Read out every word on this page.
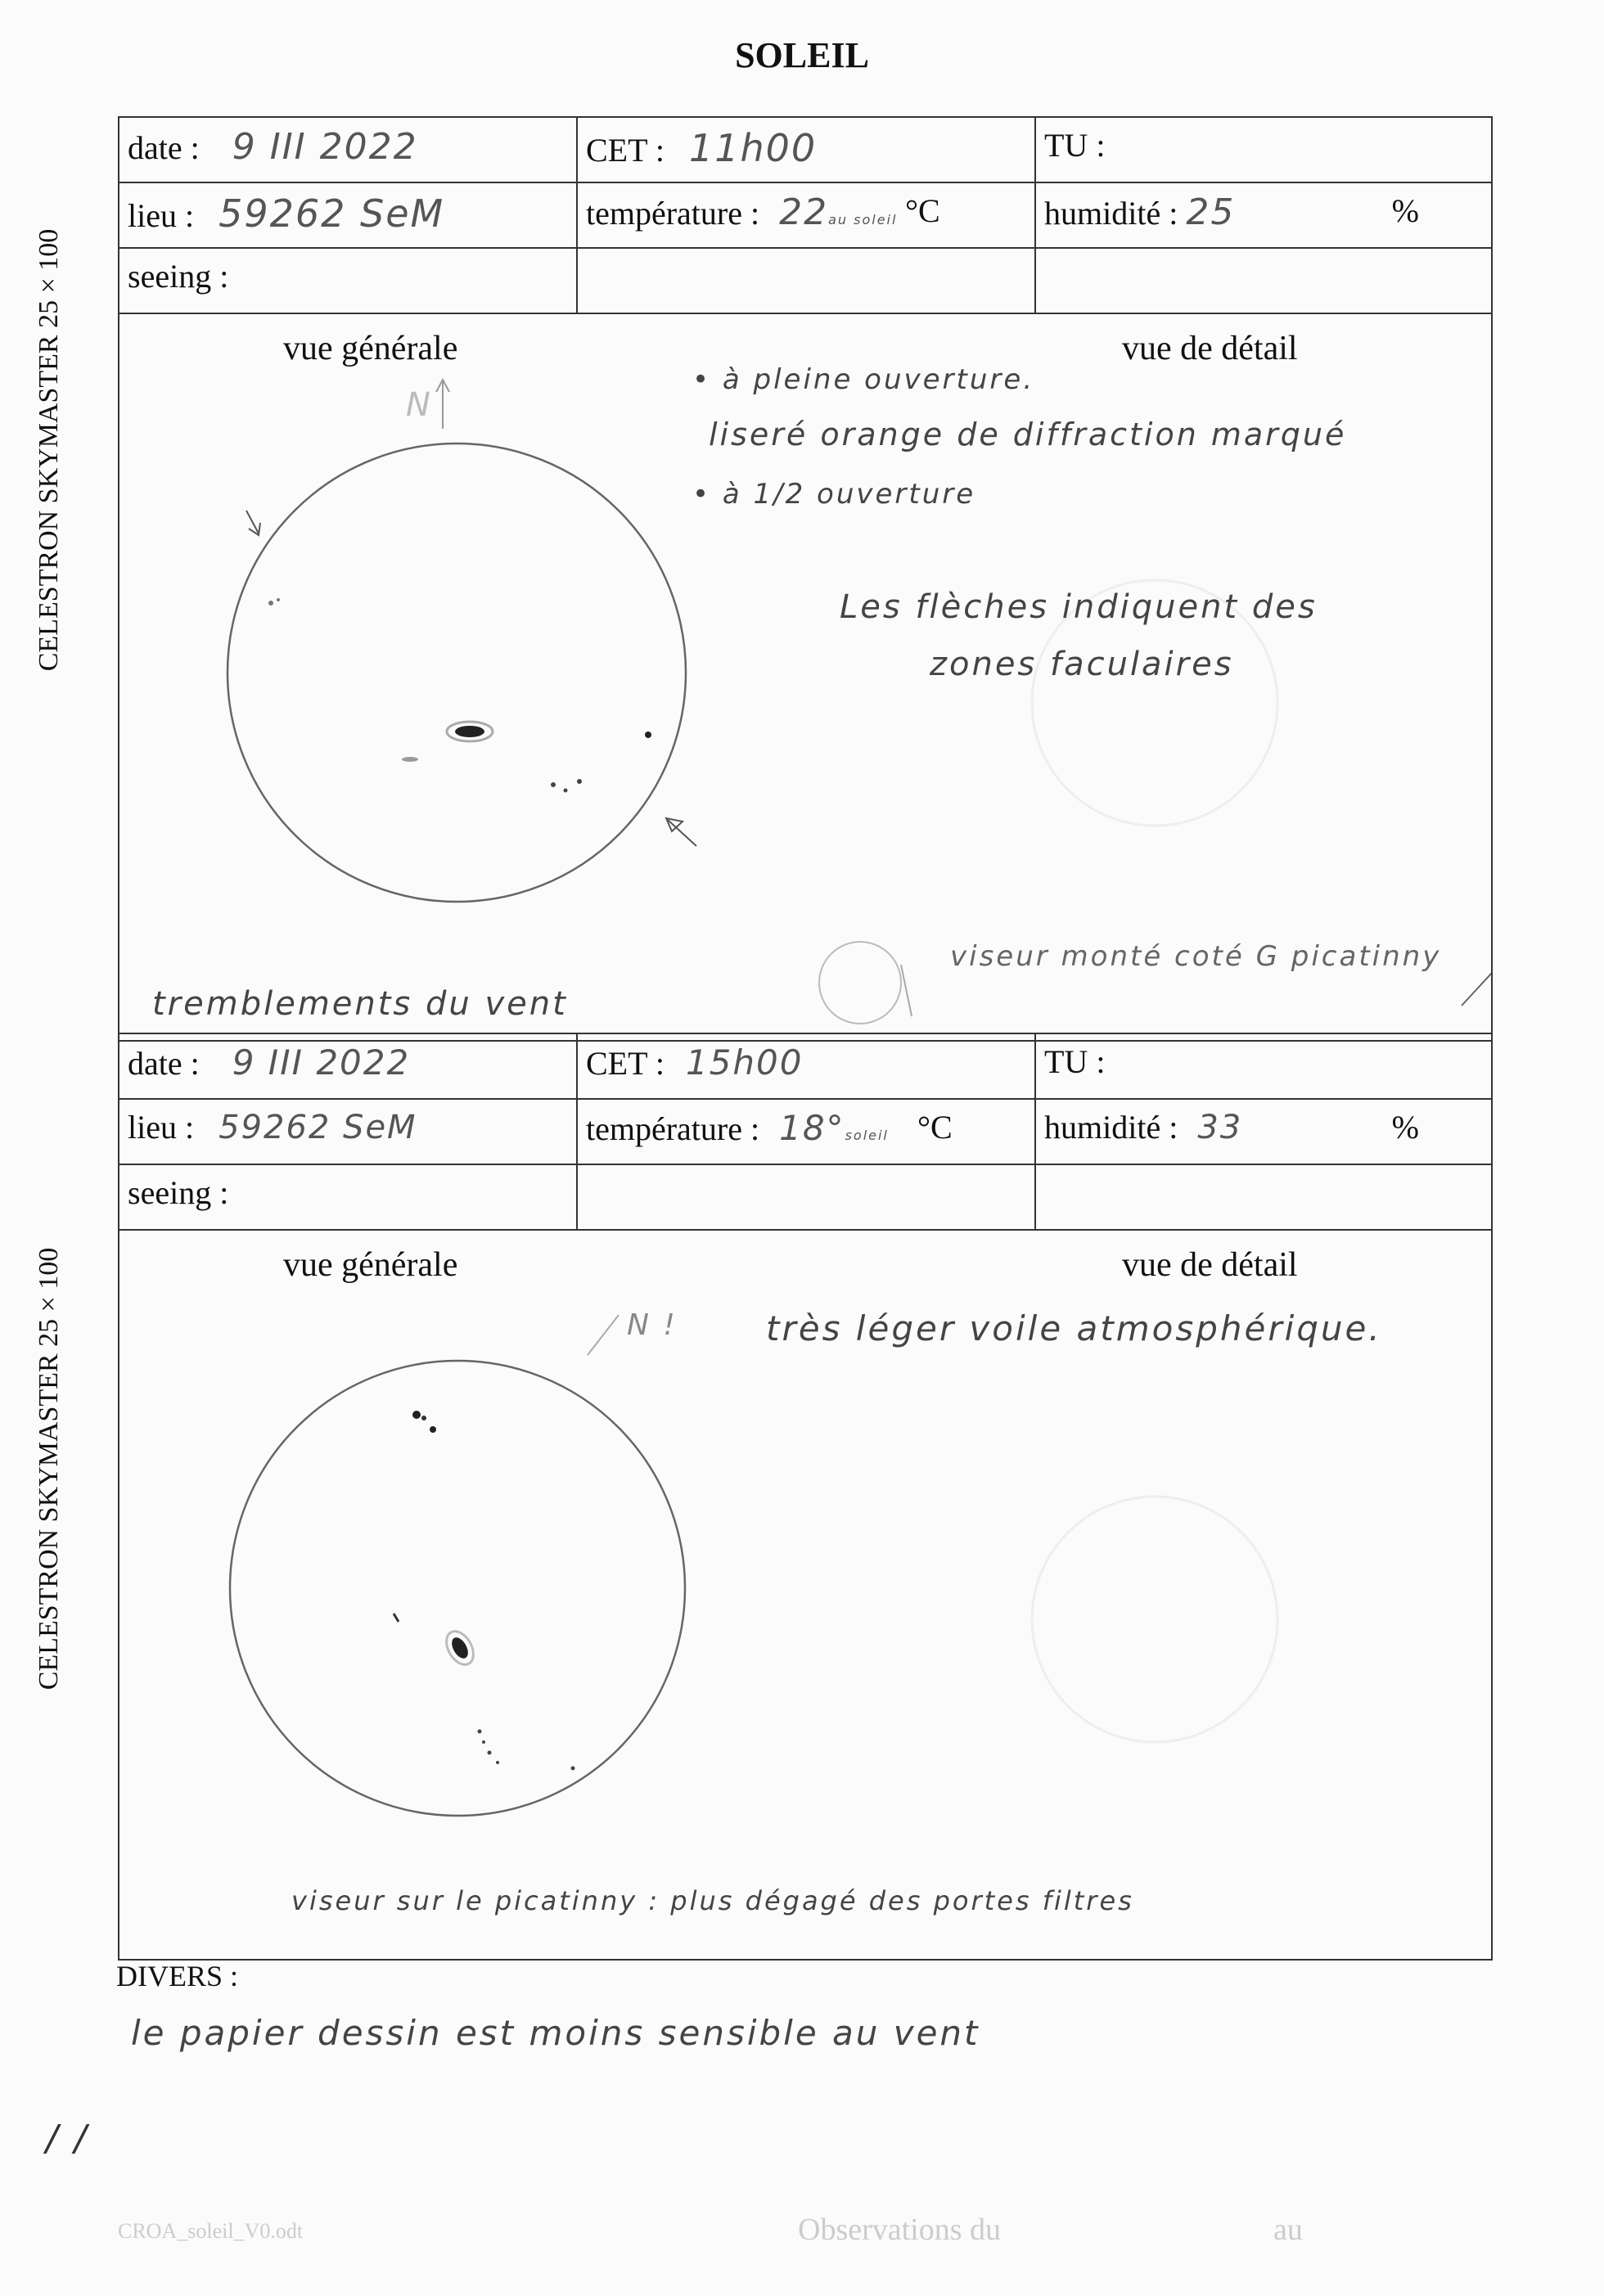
SOLEIL
CELESTRON SKYMASTER 25 × 100
CELESTRON SKYMASTER 25 × 100
date : 9 III 2022	CET : 11h00	TU :
lieu : 59262 SeM	température : 22au soleil °C	humidité : 25	%
seeing :
vue générale	vue de détail
N
• à pleine ouverture.
liseré orange de diffraction marqué
• à 1/2 ouverture
Les flèches indiquent des
zones faculaires
viseur monté coté G picatinny
tremblements du vent
date : 9 III 2022	CET : 15h00	TU :
lieu : 59262 SeM	température : 18°soleil °C	humidité : 33	%
seeing :
vue générale	vue de détail
N !	très léger voile atmosphérique.
viseur sur le picatinny : plus dégagé des portes filtres
DIVERS :
le papier dessin est moins sensible au vent
/ /
CROA_soleil_V0.odt	Observations du	au
